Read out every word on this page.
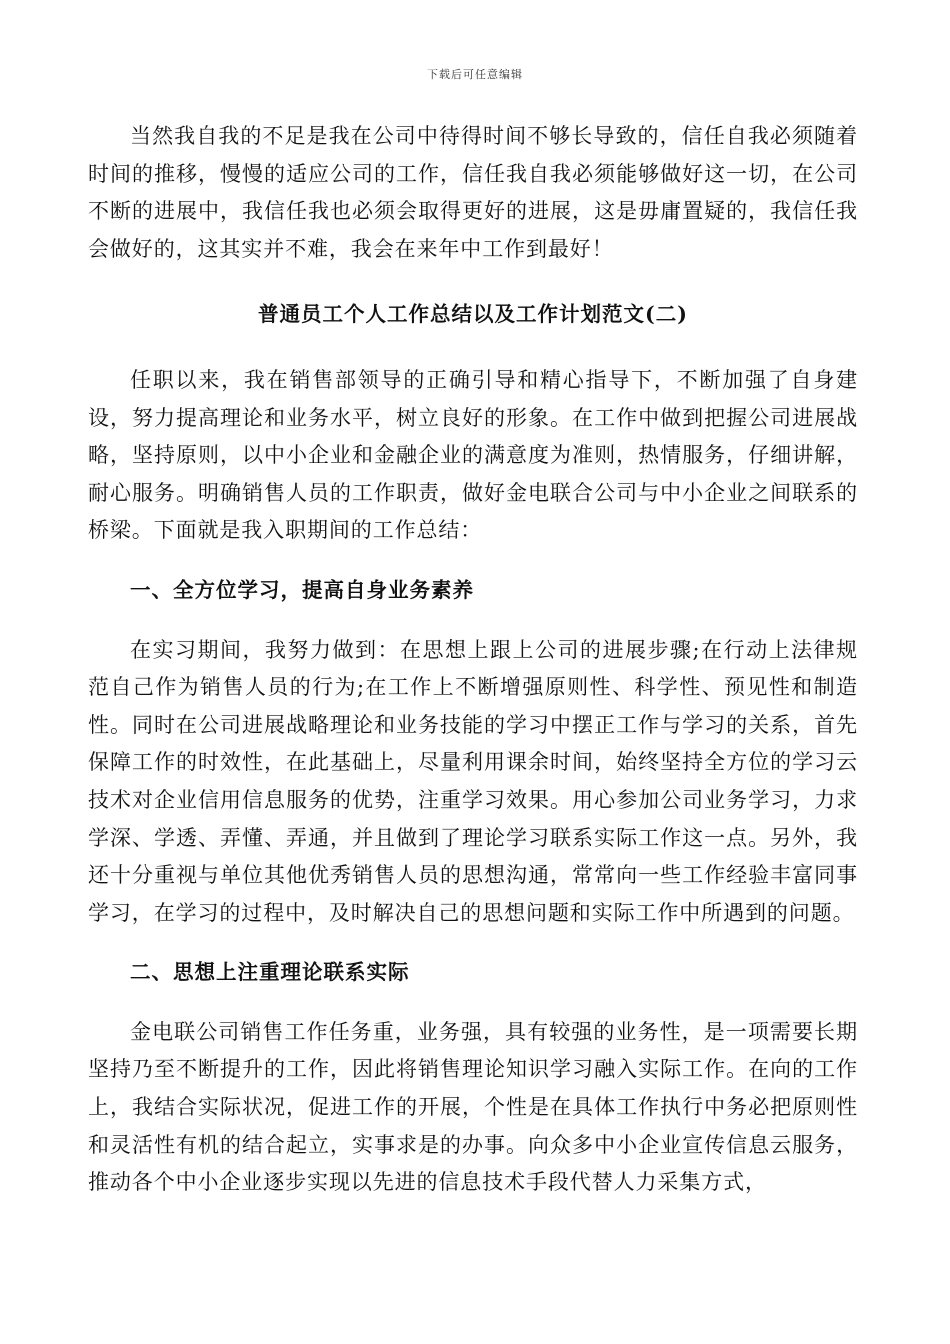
下载后可任意编辑

当然我自我的不足是我在公司中待得时间不够长导致的，信任自我必须随着时间的推移，慢慢的适应公司的工作，信任我自我必须能够做好这一切，在公司不断的进展中，我信任我也必须会取得更好的进展，这是毋庸置疑的，我信任我会做好的，这其实并不难，我会在来年中工作到最好！

普通员工个人工作总结以及工作计划范文(二)

任职以来，我在销售部领导的正确引导和精心指导下，不断加强了自身建设，努力提高理论和业务水平，树立良好的形象。在工作中做到把握公司进展战略，坚持原则，以中小企业和金融企业的满意度为准则，热情服务，仔细讲解，耐心服务。明确销售人员的工作职责，做好金电联合公司与中小企业之间联系的桥梁。下面就是我入职期间的工作总结：

一、全方位学习，提高自身业务素养

在实习期间，我努力做到：在思想上跟上公司的进展步骤;在行动上法律规范自己作为销售人员的行为;在工作上不断增强原则性、科学性、预见性和制造性。同时在公司进展战略理论和业务技能的学习中摆正工作与学习的关系，首先保障工作的时效性，在此基础上，尽量利用课余时间，始终坚持全方位的学习云技术对企业信用信息服务的优势，注重学习效果。用心参加公司业务学习，力求学深、学透、弄懂、弄通，并且做到了理论学习联系实际工作这一点。另外，我还十分重视与单位其他优秀销售人员的思想沟通，常常向一些工作经验丰富同事学习，在学习的过程中，及时解决自己的思想问题和实际工作中所遇到的问题。

二、思想上注重理论联系实际

金电联公司销售工作任务重，业务强，具有较强的业务性，是一项需要长期坚持乃至不断提升的工作，因此将销售理论知识学习融入实际工作。在向的工作上，我结合实际状况，促进工作的开展，个性是在具体工作执行中务必把原则性和灵活性有机的结合起立，实事求是的办事。向众多中小企业宣传信息云服务，推动各个中小企业逐步实现以先进的信息技术手段代替人力采集方式，
